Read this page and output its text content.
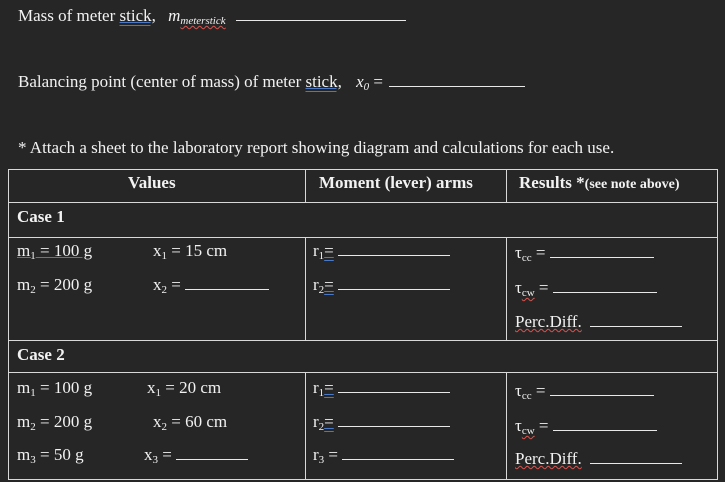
Mass of meter stick, mmeterstick
Balancing point (center of mass) of meter stick, x0 =
* Attach a sheet to the laboratory report showing diagram and calculations for each use.
Values	Moment (lever) arms	Results *(see note above)
Case 1
$m_1 = 100$ g
$m_2 = 200$ g
$x_1 = 15$ cm
$x_2$ =
$r_1=$
$r_2=$
$\tau_{cc}$ =
$\tau_{cw}$ =
Perc.Diff.
Case 2
$m_1 = 100$ g
$m_2 = 200$ g
$m_3 = 50$ g
$x_1 = 20$ cm
$x_2 = 60$ cm
$x_3$ =
$r_1=$
$r_2=$
$r_3$ =
$\tau_{cc}$ =
$\tau_{cw}$ =
Perc.Diff.
